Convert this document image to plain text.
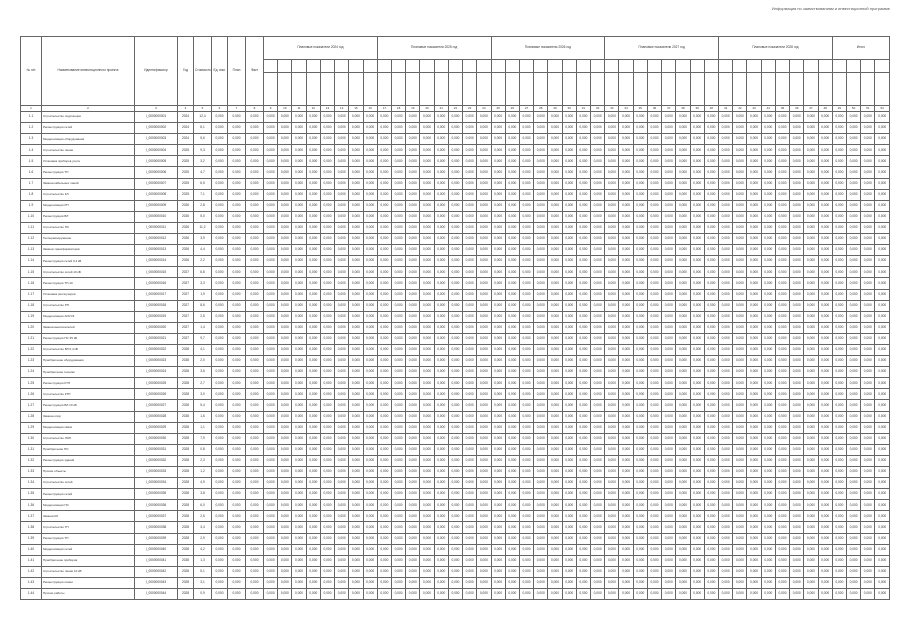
Информация по заимствованиям и инвестиционной программе
№ п/п	Наименование инвестиционного проекта	Идентификатор	Год	Стоимость	Ед. изм.	План	Факт	Плановые показатели 2024 год								Плановые показатели 2025 год								Плановые показатели 2026 год								Плановые показатели 2027 год								Плановые показатели 2028 год								Итого			

1	2	3	4	5	6	7	8	9	10	11	12	13	14	15	16	17	18	19	20	21	22	23	24	25	26	27	28	29	30	31	32	33	34	35	36	37	38	39	40	41	42	43	44	45	46	47	48	49	50	51	52
1.1	Строительство подстанции	I_0000000001	2024	12,4	0,000	0,000	0,000	0,000	0,000	0,000	0,000	0,000	0,000	0,000	0,000	0,000	0,000	0,000	0,000	0,000	0,000	0,000	0,000	0,000	0,000	0,000	0,000	0,000	0,000	0,000	0,000	0,000	0,000	0,000	0,000	0,000	0,000	0,000	0,000	0,000	0,000	0,000	0,000	0,000	0,000	0,000	0,000	0,000	0,000	0,000	0,000
1.2	Реконструкция сетей	I_0000000002	2024	8,1	0,000	0,000	0,000	0,000	0,000	0,000	0,000	0,000	0,000	0,000	0,000	0,000	0,000	0,000	0,000	0,000	0,000	0,000	0,000	0,000	0,000	0,000	0,000	0,000	0,000	0,000	0,000	0,000	0,000	0,000	0,000	0,000	0,000	0,000	0,000	0,000	0,000	0,000	0,000	0,000	0,000	0,000	0,000	0,000	0,000	0,000	0,000
1.3	Модернизация оборудования	I_0000000003	2024	5,6	0,000	0,000	0,000	0,000	0,000	0,000	0,000	0,000	0,000	0,000	0,000	0,000	0,000	0,000	0,000	0,000	0,000	0,000	0,000	0,000	0,000	0,000	0,000	0,000	0,000	0,000	0,000	0,000	0,000	0,000	0,000	0,000	0,000	0,000	0,000	0,000	0,000	0,000	0,000	0,000	0,000	0,000	0,000	0,000	0,000	0,000	0,000
1.4	Строительство линии	I_0000000004	2025	9,3	0,000	0,000	0,000	0,000	0,000	0,000	0,000	0,000	0,000	0,000	0,000	0,000	0,000	0,000	0,000	0,000	0,000	0,000	0,000	0,000	0,000	0,000	0,000	0,000	0,000	0,000	0,000	0,000	0,000	0,000	0,000	0,000	0,000	0,000	0,000	0,000	0,000	0,000	0,000	0,000	0,000	0,000	0,000	0,000	0,000	0,000	0,000
1.5	Установка приборов учета	I_0000000005	2025	3,2	0,000	0,000	0,000	0,000	0,000	0,000	0,000	0,000	0,000	0,000	0,000	0,000	0,000	0,000	0,000	0,000	0,000	0,000	0,000	0,000	0,000	0,000	0,000	0,000	0,000	0,000	0,000	0,000	0,000	0,000	0,000	0,000	0,000	0,000	0,000	0,000	0,000	0,000	0,000	0,000	0,000	0,000	0,000	0,000	0,000	0,000	0,000
1.6	Реконструкция ТП	I_0000000006	2025	4,7	0,000	0,000	0,000	0,000	0,000	0,000	0,000	0,000	0,000	0,000	0,000	0,000	0,000	0,000	0,000	0,000	0,000	0,000	0,000	0,000	0,000	0,000	0,000	0,000	0,000	0,000	0,000	0,000	0,000	0,000	0,000	0,000	0,000	0,000	0,000	0,000	0,000	0,000	0,000	0,000	0,000	0,000	0,000	0,000	0,000	0,000	0,000
1.7	Замена кабельных линий	I_0000000007	2025	6,5	0,000	0,000	0,000	0,000	0,000	0,000	0,000	0,000	0,000	0,000	0,000	0,000	0,000	0,000	0,000	0,000	0,000	0,000	0,000	0,000	0,000	0,000	0,000	0,000	0,000	0,000	0,000	0,000	0,000	0,000	0,000	0,000	0,000	0,000	0,000	0,000	0,000	0,000	0,000	0,000	0,000	0,000	0,000	0,000	0,000	0,000	0,000
1.8	Строительство КЛ	I_0000000008	2025	7,1	0,000	0,000	0,000	0,000	0,000	0,000	0,000	0,000	0,000	0,000	0,000	0,000	0,000	0,000	0,000	0,000	0,000	0,000	0,000	0,000	0,000	0,000	0,000	0,000	0,000	0,000	0,000	0,000	0,000	0,000	0,000	0,000	0,000	0,000	0,000	0,000	0,000	0,000	0,000	0,000	0,000	0,000	0,000	0,000	0,000	0,000	0,000
1.9	Модернизация РП	I_0000000009	2026	2,8	0,000	0,000	0,000	0,000	0,000	0,000	0,000	0,000	0,000	0,000	0,000	0,000	0,000	0,000	0,000	0,000	0,000	0,000	0,000	0,000	0,000	0,000	0,000	0,000	0,000	0,000	0,000	0,000	0,000	0,000	0,000	0,000	0,000	0,000	0,000	0,000	0,000	0,000	0,000	0,000	0,000	0,000	0,000	0,000	0,000	0,000	0,000
1.10	Реконструкция ВЛ	I_0000000010	2026	5,0	0,000	0,000	0,000	0,000	0,000	0,000	0,000	0,000	0,000	0,000	0,000	0,000	0,000	0,000	0,000	0,000	0,000	0,000	0,000	0,000	0,000	0,000	0,000	0,000	0,000	0,000	0,000	0,000	0,000	0,000	0,000	0,000	0,000	0,000	0,000	0,000	0,000	0,000	0,000	0,000	0,000	0,000	0,000	0,000	0,000	0,000	0,000
1.11	Строительство ПС	I_0000000011	2026	11,2	0,000	0,000	0,000	0,000	0,000	0,000	0,000	0,000	0,000	0,000	0,000	0,000	0,000	0,000	0,000	0,000	0,000	0,000	0,000	0,000	0,000	0,000	0,000	0,000	0,000	0,000	0,000	0,000	0,000	0,000	0,000	0,000	0,000	0,000	0,000	0,000	0,000	0,000	0,000	0,000	0,000	0,000	0,000	0,000	0,000	0,000	0,000
1.12	Техперевооружение	I_0000000012	2026	3,9	0,000	0,000	0,000	0,000	0,000	0,000	0,000	0,000	0,000	0,000	0,000	0,000	0,000	0,000	0,000	0,000	0,000	0,000	0,000	0,000	0,000	0,000	0,000	0,000	0,000	0,000	0,000	0,000	0,000	0,000	0,000	0,000	0,000	0,000	0,000	0,000	0,000	0,000	0,000	0,000	0,000	0,000	0,000	0,000	0,000	0,000	0,000
1.13	Замена трансформаторов	I_0000000013	2026	4,4	0,000	0,000	0,000	0,000	0,000	0,000	0,000	0,000	0,000	0,000	0,000	0,000	0,000	0,000	0,000	0,000	0,000	0,000	0,000	0,000	0,000	0,000	0,000	0,000	0,000	0,000	0,000	0,000	0,000	0,000	0,000	0,000	0,000	0,000	0,000	0,000	0,000	0,000	0,000	0,000	0,000	0,000	0,000	0,000	0,000	0,000	0,000
1.14	Реконструкция сетей 0,4 кВ	I_0000000014	2026	2,2	0,000	0,000	0,000	0,000	0,000	0,000	0,000	0,000	0,000	0,000	0,000	0,000	0,000	0,000	0,000	0,000	0,000	0,000	0,000	0,000	0,000	0,000	0,000	0,000	0,000	0,000	0,000	0,000	0,000	0,000	0,000	0,000	0,000	0,000	0,000	0,000	0,000	0,000	0,000	0,000	0,000	0,000	0,000	0,000	0,000	0,000	0,000
1.15	Строительство сетей 10 кВ	I_0000000015	2027	6,8	0,000	0,000	0,000	0,000	0,000	0,000	0,000	0,000	0,000	0,000	0,000	0,000	0,000	0,000	0,000	0,000	0,000	0,000	0,000	0,000	0,000	0,000	0,000	0,000	0,000	0,000	0,000	0,000	0,000	0,000	0,000	0,000	0,000	0,000	0,000	0,000	0,000	0,000	0,000	0,000	0,000	0,000	0,000	0,000	0,000	0,000	0,000
1.16	Реконструкция ТП-10	I_0000000016	2027	3,3	0,000	0,000	0,000	0,000	0,000	0,000	0,000	0,000	0,000	0,000	0,000	0,000	0,000	0,000	0,000	0,000	0,000	0,000	0,000	0,000	0,000	0,000	0,000	0,000	0,000	0,000	0,000	0,000	0,000	0,000	0,000	0,000	0,000	0,000	0,000	0,000	0,000	0,000	0,000	0,000	0,000	0,000	0,000	0,000	0,000	0,000	0,000
1.17	Установка реклоузеров	I_0000000017	2027	1,9	0,000	0,000	0,000	0,000	0,000	0,000	0,000	0,000	0,000	0,000	0,000	0,000	0,000	0,000	0,000	0,000	0,000	0,000	0,000	0,000	0,000	0,000	0,000	0,000	0,000	0,000	0,000	0,000	0,000	0,000	0,000	0,000	0,000	0,000	0,000	0,000	0,000	0,000	0,000	0,000	0,000	0,000	0,000	0,000	0,000	0,000	0,000
1.18	Строительство РП	I_0000000018	2027	8,6	0,000	0,000	0,000	0,000	0,000	0,000	0,000	0,000	0,000	0,000	0,000	0,000	0,000	0,000	0,000	0,000	0,000	0,000	0,000	0,000	0,000	0,000	0,000	0,000	0,000	0,000	0,000	0,000	0,000	0,000	0,000	0,000	0,000	0,000	0,000	0,000	0,000	0,000	0,000	0,000	0,000	0,000	0,000	0,000	0,000	0,000	0,000
1.19	Модернизация АСКУЭ	I_0000000019	2027	2,5	0,000	0,000	0,000	0,000	0,000	0,000	0,000	0,000	0,000	0,000	0,000	0,000	0,000	0,000	0,000	0,000	0,000	0,000	0,000	0,000	0,000	0,000	0,000	0,000	0,000	0,000	0,000	0,000	0,000	0,000	0,000	0,000	0,000	0,000	0,000	0,000	0,000	0,000	0,000	0,000	0,000	0,000	0,000	0,000	0,000	0,000	0,000
1.20	Замена выключателей	I_0000000020	2027	1,4	0,000	0,000	0,000	0,000	0,000	0,000	0,000	0,000	0,000	0,000	0,000	0,000	0,000	0,000	0,000	0,000	0,000	0,000	0,000	0,000	0,000	0,000	0,000	0,000	0,000	0,000	0,000	0,000	0,000	0,000	0,000	0,000	0,000	0,000	0,000	0,000	0,000	0,000	0,000	0,000	0,000	0,000	0,000	0,000	0,000	0,000	0,000
1.21	Реконструкция ПС 35 кВ	I_0000000021	2027	9,7	0,000	0,000	0,000	0,000	0,000	0,000	0,000	0,000	0,000	0,000	0,000	0,000	0,000	0,000	0,000	0,000	0,000	0,000	0,000	0,000	0,000	0,000	0,000	0,000	0,000	0,000	0,000	0,000	0,000	0,000	0,000	0,000	0,000	0,000	0,000	0,000	0,000	0,000	0,000	0,000	0,000	0,000	0,000	0,000	0,000	0,000	0,000
1.22	Строительство ВЛ 0,4 кВ	I_0000000022	2028	4,1	0,000	0,000	0,000	0,000	0,000	0,000	0,000	0,000	0,000	0,000	0,000	0,000	0,000	0,000	0,000	0,000	0,000	0,000	0,000	0,000	0,000	0,000	0,000	0,000	0,000	0,000	0,000	0,000	0,000	0,000	0,000	0,000	0,000	0,000	0,000	0,000	0,000	0,000	0,000	0,000	0,000	0,000	0,000	0,000	0,000	0,000	0,000
1.23	Приобретение оборудования	I_0000000023	2028	2,0	0,000	0,000	0,000	0,000	0,000	0,000	0,000	0,000	0,000	0,000	0,000	0,000	0,000	0,000	0,000	0,000	0,000	0,000	0,000	0,000	0,000	0,000	0,000	0,000	0,000	0,000	0,000	0,000	0,000	0,000	0,000	0,000	0,000	0,000	0,000	0,000	0,000	0,000	0,000	0,000	0,000	0,000	0,000	0,000	0,000	0,000	0,000
1.24	Приобретение техники	I_0000000024	2028	3,6	0,000	0,000	0,000	0,000	0,000	0,000	0,000	0,000	0,000	0,000	0,000	0,000	0,000	0,000	0,000	0,000	0,000	0,000	0,000	0,000	0,000	0,000	0,000	0,000	0,000	0,000	0,000	0,000	0,000	0,000	0,000	0,000	0,000	0,000	0,000	0,000	0,000	0,000	0,000	0,000	0,000	0,000	0,000	0,000	0,000	0,000	0,000
1.25	Реконструкция КТП	I_0000000025	2028	2,7	0,000	0,000	0,000	0,000	0,000	0,000	0,000	0,000	0,000	0,000	0,000	0,000	0,000	0,000	0,000	0,000	0,000	0,000	0,000	0,000	0,000	0,000	0,000	0,000	0,000	0,000	0,000	0,000	0,000	0,000	0,000	0,000	0,000	0,000	0,000	0,000	0,000	0,000	0,000	0,000	0,000	0,000	0,000	0,000	0,000	0,000	0,000
1.26	Строительство КТП	I_0000000026	2028	3,0	0,000	0,000	0,000	0,000	0,000	0,000	0,000	0,000	0,000	0,000	0,000	0,000	0,000	0,000	0,000	0,000	0,000	0,000	0,000	0,000	0,000	0,000	0,000	0,000	0,000	0,000	0,000	0,000	0,000	0,000	0,000	0,000	0,000	0,000	0,000	0,000	0,000	0,000	0,000	0,000	0,000	0,000	0,000	0,000	0,000	0,000	0,000
1.27	Реконструкция ВЛ 10 кВ	I_0000000027	2028	5,4	0,000	0,000	0,000	0,000	0,000	0,000	0,000	0,000	0,000	0,000	0,000	0,000	0,000	0,000	0,000	0,000	0,000	0,000	0,000	0,000	0,000	0,000	0,000	0,000	0,000	0,000	0,000	0,000	0,000	0,000	0,000	0,000	0,000	0,000	0,000	0,000	0,000	0,000	0,000	0,000	0,000	0,000	0,000	0,000	0,000	0,000	0,000
1.28	Замена опор	I_0000000028	2028	1,6	0,000	0,000	0,000	0,000	0,000	0,000	0,000	0,000	0,000	0,000	0,000	0,000	0,000	0,000	0,000	0,000	0,000	0,000	0,000	0,000	0,000	0,000	0,000	0,000	0,000	0,000	0,000	0,000	0,000	0,000	0,000	0,000	0,000	0,000	0,000	0,000	0,000	0,000	0,000	0,000	0,000	0,000	0,000	0,000	0,000	0,000	0,000
1.29	Модернизация связи	I_0000000029	2028	1,1	0,000	0,000	0,000	0,000	0,000	0,000	0,000	0,000	0,000	0,000	0,000	0,000	0,000	0,000	0,000	0,000	0,000	0,000	0,000	0,000	0,000	0,000	0,000	0,000	0,000	0,000	0,000	0,000	0,000	0,000	0,000	0,000	0,000	0,000	0,000	0,000	0,000	0,000	0,000	0,000	0,000	0,000	0,000	0,000	0,000	0,000	0,000
1.30	Строительство ЛЭП	I_0000000030	2028	7,9	0,000	0,000	0,000	0,000	0,000	0,000	0,000	0,000	0,000	0,000	0,000	0,000	0,000	0,000	0,000	0,000	0,000	0,000	0,000	0,000	0,000	0,000	0,000	0,000	0,000	0,000	0,000	0,000	0,000	0,000	0,000	0,000	0,000	0,000	0,000	0,000	0,000	0,000	0,000	0,000	0,000	0,000	0,000	0,000	0,000	0,000	0,000
1.31	Приобретение ПО	I_0000000031	2028	0,8	0,000	0,000	0,000	0,000	0,000	0,000	0,000	0,000	0,000	0,000	0,000	0,000	0,000	0,000	0,000	0,000	0,000	0,000	0,000	0,000	0,000	0,000	0,000	0,000	0,000	0,000	0,000	0,000	0,000	0,000	0,000	0,000	0,000	0,000	0,000	0,000	0,000	0,000	0,000	0,000	0,000	0,000	0,000	0,000	0,000	0,000	0,000
1.32	Реконструкция зданий	I_0000000032	2028	2,3	0,000	0,000	0,000	0,000	0,000	0,000	0,000	0,000	0,000	0,000	0,000	0,000	0,000	0,000	0,000	0,000	0,000	0,000	0,000	0,000	0,000	0,000	0,000	0,000	0,000	0,000	0,000	0,000	0,000	0,000	0,000	0,000	0,000	0,000	0,000	0,000	0,000	0,000	0,000	0,000	0,000	0,000	0,000	0,000	0,000	0,000	0,000
1.33	Прочие объекты	I_0000000033	2028	1,2	0,000	0,000	0,000	0,000	0,000	0,000	0,000	0,000	0,000	0,000	0,000	0,000	0,000	0,000	0,000	0,000	0,000	0,000	0,000	0,000	0,000	0,000	0,000	0,000	0,000	0,000	0,000	0,000	0,000	0,000	0,000	0,000	0,000	0,000	0,000	0,000	0,000	0,000	0,000	0,000	0,000	0,000	0,000	0,000	0,000	0,000	0,000
1.34	Строительство сетей	I_0000000034	2028	4,9	0,000	0,000	0,000	0,000	0,000	0,000	0,000	0,000	0,000	0,000	0,000	0,000	0,000	0,000	0,000	0,000	0,000	0,000	0,000	0,000	0,000	0,000	0,000	0,000	0,000	0,000	0,000	0,000	0,000	0,000	0,000	0,000	0,000	0,000	0,000	0,000	0,000	0,000	0,000	0,000	0,000	0,000	0,000	0,000	0,000	0,000	0,000
1.35	Реконструкция сетей	I_0000000035	2028	3,8	0,000	0,000	0,000	0,000	0,000	0,000	0,000	0,000	0,000	0,000	0,000	0,000	0,000	0,000	0,000	0,000	0,000	0,000	0,000	0,000	0,000	0,000	0,000	0,000	0,000	0,000	0,000	0,000	0,000	0,000	0,000	0,000	0,000	0,000	0,000	0,000	0,000	0,000	0,000	0,000	0,000	0,000	0,000	0,000	0,000	0,000	0,000
1.36	Модернизация ПС	I_0000000036	2028	6,0	0,000	0,000	0,000	0,000	0,000	0,000	0,000	0,000	0,000	0,000	0,000	0,000	0,000	0,000	0,000	0,000	0,000	0,000	0,000	0,000	0,000	0,000	0,000	0,000	0,000	0,000	0,000	0,000	0,000	0,000	0,000	0,000	0,000	0,000	0,000	0,000	0,000	0,000	0,000	0,000	0,000	0,000	0,000	0,000	0,000	0,000	0,000
1.37	Замена КЛ	I_0000000037	2028	2,6	0,000	0,000	0,000	0,000	0,000	0,000	0,000	0,000	0,000	0,000	0,000	0,000	0,000	0,000	0,000	0,000	0,000	0,000	0,000	0,000	0,000	0,000	0,000	0,000	0,000	0,000	0,000	0,000	0,000	0,000	0,000	0,000	0,000	0,000	0,000	0,000	0,000	0,000	0,000	0,000	0,000	0,000	0,000	0,000	0,000	0,000	0,000
1.38	Строительство ТП	I_0000000038	2028	3,4	0,000	0,000	0,000	0,000	0,000	0,000	0,000	0,000	0,000	0,000	0,000	0,000	0,000	0,000	0,000	0,000	0,000	0,000	0,000	0,000	0,000	0,000	0,000	0,000	0,000	0,000	0,000	0,000	0,000	0,000	0,000	0,000	0,000	0,000	0,000	0,000	0,000	0,000	0,000	0,000	0,000	0,000	0,000	0,000	0,000	0,000	0,000
1.39	Реконструкция ТП	I_0000000039	2028	2,9	0,000	0,000	0,000	0,000	0,000	0,000	0,000	0,000	0,000	0,000	0,000	0,000	0,000	0,000	0,000	0,000	0,000	0,000	0,000	0,000	0,000	0,000	0,000	0,000	0,000	0,000	0,000	0,000	0,000	0,000	0,000	0,000	0,000	0,000	0,000	0,000	0,000	0,000	0,000	0,000	0,000	0,000	0,000	0,000	0,000	0,000	0,000
1.40	Модернизация сетей	I_0000000040	2028	4,2	0,000	0,000	0,000	0,000	0,000	0,000	0,000	0,000	0,000	0,000	0,000	0,000	0,000	0,000	0,000	0,000	0,000	0,000	0,000	0,000	0,000	0,000	0,000	0,000	0,000	0,000	0,000	0,000	0,000	0,000	0,000	0,000	0,000	0,000	0,000	0,000	0,000	0,000	0,000	0,000	0,000	0,000	0,000	0,000	0,000	0,000	0,000
1.41	Приобретение приборов	I_0000000041	2028	1,3	0,000	0,000	0,000	0,000	0,000	0,000	0,000	0,000	0,000	0,000	0,000	0,000	0,000	0,000	0,000	0,000	0,000	0,000	0,000	0,000	0,000	0,000	0,000	0,000	0,000	0,000	0,000	0,000	0,000	0,000	0,000	0,000	0,000	0,000	0,000	0,000	0,000	0,000	0,000	0,000	0,000	0,000	0,000	0,000	0,000	0,000	0,000
1.42	Строительство линии 10 кВ	I_0000000042	2028	5,1	0,000	0,000	0,000	0,000	0,000	0,000	0,000	0,000	0,000	0,000	0,000	0,000	0,000	0,000	0,000	0,000	0,000	0,000	0,000	0,000	0,000	0,000	0,000	0,000	0,000	0,000	0,000	0,000	0,000	0,000	0,000	0,000	0,000	0,000	0,000	0,000	0,000	0,000	0,000	0,000	0,000	0,000	0,000	0,000	0,000	0,000	0,000
1.43	Реконструкция линии	I_0000000043	2028	3,1	0,000	0,000	0,000	0,000	0,000	0,000	0,000	0,000	0,000	0,000	0,000	0,000	0,000	0,000	0,000	0,000	0,000	0,000	0,000	0,000	0,000	0,000	0,000	0,000	0,000	0,000	0,000	0,000	0,000	0,000	0,000	0,000	0,000	0,000	0,000	0,000	0,000	0,000	0,000	0,000	0,000	0,000	0,000	0,000	0,000	0,000	0,000
1.44	Прочие работы	I_0000000044	2028	0,9	0,000	0,000	0,000	0,000	0,000	0,000	0,000	0,000	0,000	0,000	0,000	0,000	0,000	0,000	0,000	0,000	0,000	0,000	0,000	0,000	0,000	0,000	0,000	0,000	0,000	0,000	0,000	0,000	0,000	0,000	0,000	0,000	0,000	0,000	0,000	0,000	0,000	0,000	0,000	0,000	0,000	0,000	0,000	0,000	0,000	0,000	0,000
